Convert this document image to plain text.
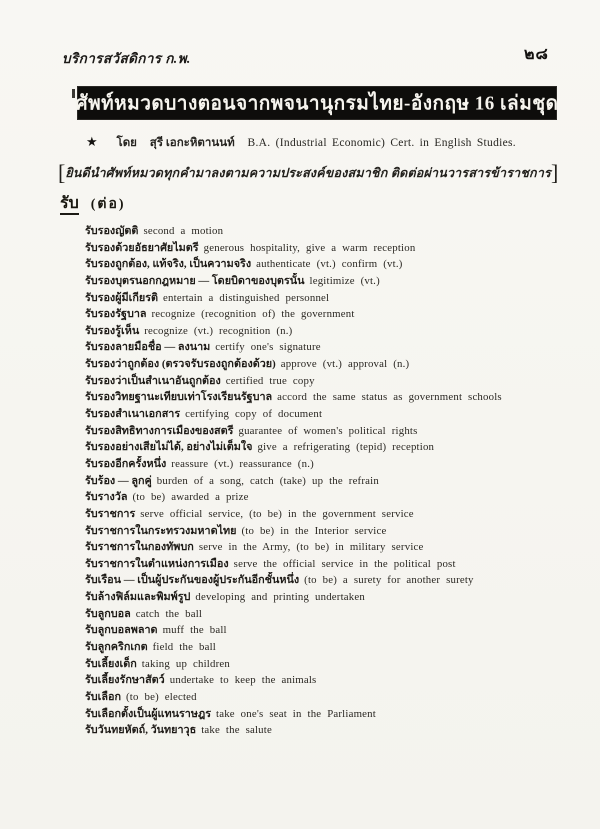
บริการสวัสดิการ ก.พ.	๒๘
ศัพท์หมวดบางตอนจากพจนานุกรมไทย-อังกฤษ 16 เล่มชุด
★ โดย สุรี เอกะหิตานนท์ B.A. (Industrial Economic) Cert. in English Studies.
[ ยินดีนำศัพท์หมวดทุกคำมาลงตามความประสงค์ของสมาชิก ติดต่อผ่านวารสารข้าราชการ ]
รับ (ต่อ)
รับรองญัตติ second a motion
รับรองด้วยอัธยาศัยไมตรี generous hospitality, give a warm reception
รับรองถูกต้อง, แท้จริง, เป็นความจริง authenticate (vt.) confirm (vt.)
รับรองบุตรนอกกฎหมาย — โดยบิดาของบุตรนั้น legitimize (vt.)
รับรองผู้มีเกียรติ entertain a distinguished personnel
รับรองรัฐบาล recognize (recognition of) the government
รับรองรู้เห็น recognize (vt.) recognition (n.)
รับรองลายมือชื่อ — ลงนาม certify one's signature
รับรองว่าถูกต้อง (ตรวจรับรองถูกต้องด้วย) approve (vt.) approval (n.)
รับรองว่าเป็นสำเนาอันถูกต้อง certified true copy
รับรองวิทยฐานะเทียบเท่าโรงเรียนรัฐบาล accord the same status as government schools
รับรองสำเนาเอกสาร certifying copy of document
รับรองสิทธิทางการเมืองของสตรี guarantee of women's political rights
รับรองอย่างเสียไม่ได้, อย่างไม่เต็มใจ give a refrigerating (tepid) reception
รับรองอีกครั้งหนึ่ง reassure (vt.) reassurance (n.)
รับร้อง — ลูกคู่ burden of a song, catch (take) up the refrain
รับรางวัล (to be) awarded a prize
รับราชการ serve official service, (to be) in the government service
รับราชการในกระทรวงมหาดไทย (to be) in the Interior service
รับราชการในกองทัพบก serve in the Army, (to be) in military service
รับราชการในตำแหน่งการเมือง serve the official service in the political post
รับเรือน — เป็นผู้ประกันของผู้ประกันอีกชั้นหนึ่ง (to be) a surety for another surety
รับล้างฟิล์มและพิมพ์รูป developing and printing undertaken
รับลูกบอล catch the ball
รับลูกบอลพลาด muff the ball
รับลูกคริกเกต field the ball
รับเลี้ยงเด็ก taking up children
รับเลี้ยงรักษาสัตว์ undertake to keep the animals
รับเลือก (to be) elected
รับเลือกตั้งเป็นผู้แทนราษฎร take one's seat in the Parliament
รับวันทยหัตถ์, วันทยาวุธ take the salute
